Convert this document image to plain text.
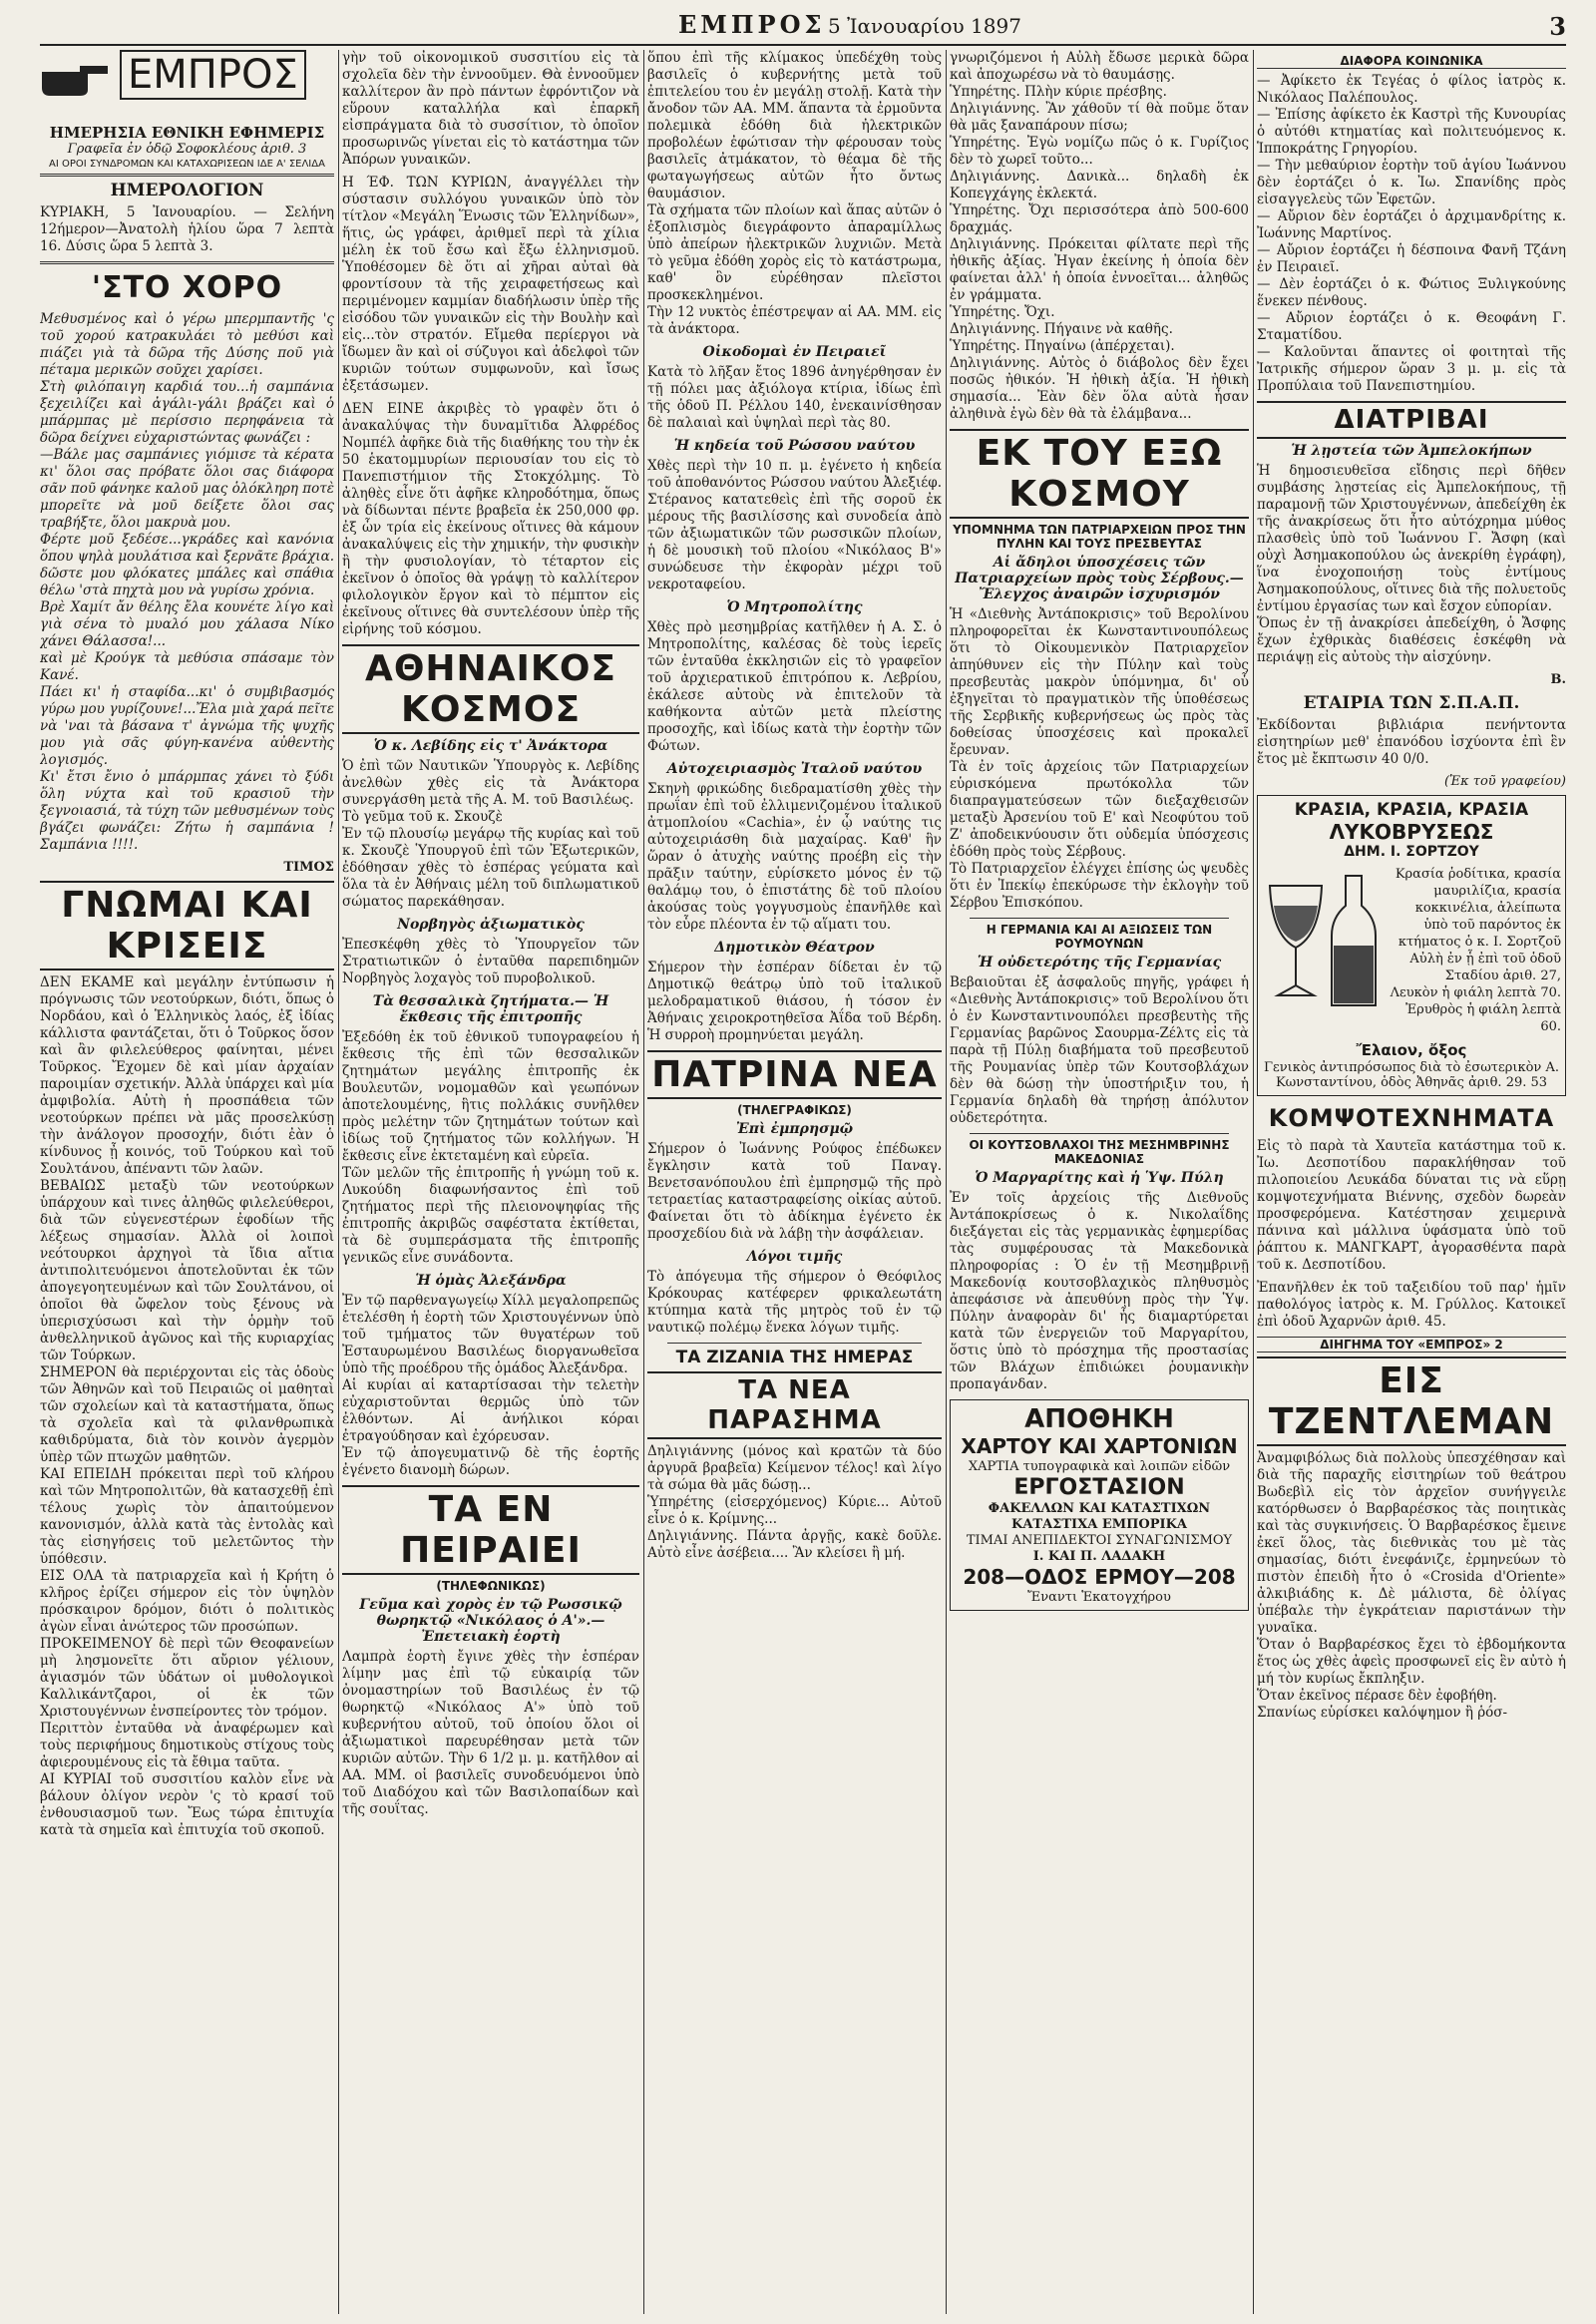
ΕΜΠΡΟΣ 5 Ἰανουαρίου 1897	3
ΕΜΠΡΟΣ

ΗΜΕΡΗΣΙΑ ΕΘΝΙΚΗ ΕΦΗΜΕΡΙΣ

Γραφεῖα ἐν ὁδῷ Σοφοκλέους ἀριθ. 3

ΑΙ ΟΡΟΙ ΣΥΝΔΡΟΜΩΝ ΚΑΙ ΚΑΤΑΧΩΡΙΣΕΩΝ ΙΔΕ Α' ΣΕΛΙΔΑ

ΗΜΕΡΟΛΟΓΙΟΝ

ΚΥΡΙΑΚΗ, 5 Ἰανουαρίου. — Σελήνη 12ήμερον—Ἀνατολὴ ἡλίου ὥρα 7 λεπτὰ 16. Δύσις ὥρα 5 λεπτὰ 3.

'ΣΤΟ ΧΟΡΟ

Μεθυσμένος καὶ ὁ γέρω μπερμπαντῆς 'ς τοῦ χορού κατρακυλάει τὸ μεθύσι καὶ πιάζει γιὰ τὰ δῶρα τῆς Δύσης ποῦ γιὰ πέταμα μερικῶν σοῦχει χαρίσει.
Στὴ φιλόπαιγη καρδιά του...ἡ σαμπάνια ξεχειλίζει καὶ ἀγάλι-γάλι βράζει καὶ ὁ μπάρμπας μὲ περίσσιο περηφάνεια τὰ δῶρα δείχνει εὐχαριστώντας φωνάζει :
—Βάλε μας σαμπάνιες γιόμισε τὰ κέρατα κι' ὅλοι σας πρόβατε ὅλοι σας διάφορα σᾶν ποῦ φάνηκε καλοῦ μας ὁλόκληρη ποτὲ μπορεῖτε νὰ μοῦ δείξετε ὅλοι σας τραβήξτε, ὅλοι μακρυὰ μου.
Φέρτε μοῦ ξεδέσε...γκράδες καὶ κανόνια ὅπου ψηλὰ μουλάτισα καὶ ξερνᾶτε βράχια. δῶστε μου φλόκατες μπάλες καὶ σπάθια θέλω 'στὰ πηχτὰ μου νὰ γυρίσω χρόνια.
Βρὲ Χαμίτ ἄν θέλης ἔλα κουνέτε λίγο καὶ γιὰ σένα τὸ μυαλό μου χάλασα Νίκο χάνει Θάλασσα!...
καὶ μὲ Κρούγκ τὰ μεθύσια σπάσαμε τὸν Κανέ.
Πάει κι' ἡ σταφίδα...κι' ὁ συμβιβασμός γύρω μου γυρίζουνε!...Ἔλα μιὰ χαρά πεῖτε νὰ 'ναι τὰ βάσανα τ' ἀγνώμα τῆς ψυχῆς μου γιὰ σᾶς φύγη-κανένα αὐθεντὴς λογισμός.
Κι' ἔτσι ἔνιο ὁ μπάρμπας χάνει τὸ ξύδι ὅλη νύχτα καὶ τοῦ κρασιοῦ τὴν ξεγνοιασιά, τὰ τύχη τῶν μεθυσμένων τοὺς βγάζει φωνάζει: Ζήτω ἡ σαμπάνια ! Σαμπάνια !!!!.

ΤΙΜΟΣ
ΓΝΩΜΑΙ ΚΑΙ ΚΡΙΣΕΙΣ

ΔΕΝ ΕΚΑΜΕ καὶ μεγάλην ἐντύπωσιν ἡ πρόγνωσις τῶν νεοτούρκων, διότι, ὅπως ὁ Νορδάου, καὶ ὁ Ἑλληνικὸς λαός, ἐξ ἰδίας κάλλιστα φαντάζεται, ὅτι ὁ Τοῦρκος ὅσον καὶ ἂν φιλελεύθερος φαίνηται, μένει Τοῦρκος. Ἔχομεν δὲ καὶ μίαν ἀρχαίαν παροιμίαν σχετικήν. Ἀλλὰ ὑπάρχει καὶ μία ἀμφιβολία. Αὐτὴ ἡ προσπάθεια τῶν νεοτούρκων πρέπει νὰ μᾶς προσελκύσῃ τὴν ἀνάλογον προσοχήν, διότι ἐὰν ὁ κίνδυνος ᾖ κοινός, τοῦ Τούρκου καὶ τοῦ Σουλτάνου, ἀπέναντι τῶν λαῶν.
ΒΕΒΑΙΩΣ μεταξὺ τῶν νεοτούρκων ὑπάρχουν καὶ τινες ἀληθῶς φιλελεύθεροι, διὰ τῶν εὐγενεστέρων ἐφοδίων τῆς λέξεως σημασίαν. Ἀλλὰ οἱ λοιποὶ νεότουρκοι ἀρχηγοὶ τὰ ἴδια αἴτια ἀντιπολιτευόμενοι ἀποτελοῦνται ἐκ τῶν ἀπογεγοητευμένων καὶ τῶν Σουλτάνου, οἱ ὁποῖοι θὰ ὤφελον τοὺς ξένους νὰ ὑπερισχύσωσι καὶ τὴν ὁρμὴν τοῦ ἀνθελληνικοῦ ἀγῶνος καὶ τῆς κυριαρχίας τῶν Τούρκων.
ΣΗΜΕΡΟΝ θὰ περιέρχονται εἰς τὰς ὁδοὺς τῶν Ἀθηνῶν καὶ τοῦ Πειραιῶς οἱ μαθηταὶ τῶν σχολείων καὶ τὰ καταστήματα, ὅπως τὰ σχολεῖα καὶ τὰ φιλανθρωπικὰ καθιδρύματα, διὰ τὸν κοινὸν ἀγερμὸν ὑπὲρ τῶν πτωχῶν μαθητῶν.
ΚΑΙ ΕΠΕΙΔΗ πρόκειται περὶ τοῦ κλήρου καὶ τῶν Μητροπολιτῶν, θὰ κατασχεθῇ ἐπὶ τέλους χωρὶς τὸν ἀπαιτούμενον κανονισμόν, ἀλλὰ κατὰ τὰς ἐντολὰς καὶ τὰς εἰσηγήσεις τοῦ μελετῶντος τὴν ὑπόθεσιν.
ΕΙΣ ΟΛΑ τὰ πατριαρχεῖα καὶ ἡ Κρήτη ὁ κλῆρος ἐρίζει σήμερον εἰς τὸν ὑψηλὸν πρόσκαιρον δρόμον, διότι ὁ πολιτικὸς ἀγὼν εἶναι ἀνώτερος τῶν προσώπων.
ΠΡΟΚΕΙΜΕΝΟΥ δὲ περὶ τῶν Θεοφανείων μὴ λησμονεῖτε ὅτι αὔριον γέλιουν, ἀγιασμόν τῶν ὑδάτων οἱ μυθολογικοὶ Καλλικάντζαροι, οἱ ἐκ τῶν Χριστουγέννων ἐνσπείροντες τὸν τρόμον.
Περιττὸν ἐνταῦθα νὰ ἀναφέρωμεν καὶ τοὺς περιφήμους δημοτικοὺς στίχους τοὺς ἀφιερουμένους εἰς τὰ ἔθιμα ταῦτα.
ΑΙ ΚΥΡΙΑΙ τοῦ συσσιτίου καλὸν εἶνε νὰ βάλουν ὀλίγον νερὸν 'ς τὸ κρασί τοῦ ἐνθουσιασμοῦ των. Ἔως τώρα ἐπιτυχία κατὰ τὰ σημεῖα καὶ ἐπιτυχία τοῦ σκοποῦ.

γὴν τοῦ οἰκονομικοῦ συσσιτίου εἰς τὰ σχολεῖα δὲν τὴν ἐννοοῦμεν. Θὰ ἐννοοῦμεν καλλίτερον ἂν πρὸ πάντων ἐφρόντιζον νὰ εὕρουν καταλλήλα καὶ ἐπαρκῆ εἰσπράγματα διὰ τὸ συσσίτιον, τὸ ὁποῖον προσωρινῶς γίνεται εἰς τὸ κατάστημα τῶν Ἀπόρων γυναικῶν.

Η ΈΦ. ΤΩΝ ΚΥΡΙΩΝ, ἀναγγέλλει τὴν σύστασιν συλλόγου γυναικῶν ὑπὸ τὸν τίτλον «Μεγάλη Ἕνωσις τῶν Ἑλληνίδων», ἥτις, ὡς γράφει, ἀριθμεῖ περὶ τὰ χίλια μέλη ἐκ τοῦ ἔσω καὶ ἔξω ἑλληνισμοῦ. Ὑποθέσομεν δὲ ὅτι αἱ χῆραι αὐταὶ θὰ φροντίσουν τὰ τῆς χειραφετήσεως καὶ περιμένομεν καμμίαν διαδήλωσιν ὑπὲρ τῆς εἰσόδου τῶν γυναικῶν εἰς τὴν Βουλὴν καὶ εἰς...τὸν στρατόν. Εἴμεθα περίεργοι νὰ ἴδωμεν ἂν καὶ οἱ σύζυγοι καὶ ἀδελφοὶ τῶν κυριῶν τούτων συμφωνοῦν, καὶ ἴσως ἐξετάσωμεν.

ΔΕΝ ΕΙΝΕ ἀκριβὲς τὸ γραφὲν ὅτι ὁ ἀνακαλύψας τὴν δυναμῖτιδα Ἀλφρέδος Νομπέλ ἀφῆκε διὰ τῆς διαθήκης του τὴν ἐκ 50 ἑκατομμυρίων περιουσίαν του εἰς τὸ Πανεπιστήμιον τῆς Στοκχόλμης. Τὸ ἀληθὲς εἶνε ὅτι ἀφῆκε κληροδότημα, ὅπως νὰ δίδωνται πέντε βραβεῖα ἐκ 250,000 φρ. ἐξ ὧν τρία εἰς ἐκείνους οἵτινες θὰ κάμουν ἀνακαλύψεις εἰς τὴν χημικήν, τὴν φυσικὴν ἢ τὴν φυσιολογίαν, τὸ τέταρτον εἰς ἐκεῖνον ὁ ὁποῖος θὰ γράψῃ τὸ καλλίτερον φιλολογικὸν ἔργον καὶ τὸ πέμπτον εἰς ἐκεῖνους οἵτινες θὰ συντελέσουν ὑπὲρ τῆς εἰρήνης τοῦ κόσμου.

ΑΘΗΝΑΙΚΟΣ ΚΟΣΜΟΣ
Ὁ κ. Λεβίδης εἰς τ' Ἀνάκτορα

Ὁ ἐπὶ τῶν Ναυτικῶν Ὑπουργὸς κ. Λεβίδης ἀνελθὼν χθὲς εἰς τὰ Ἀνάκτορα συνεργάσθη μετὰ τῆς Α. Μ. τοῦ Βασιλέως.
Τὸ γεῦμα τοῦ κ. Σκουζὲ
Ἐν τῷ πλουσίῳ μεγάρῳ τῆς κυρίας καὶ τοῦ κ. Σκουζὲ Ὑπουργοῦ ἐπὶ τῶν Ἐξωτερικῶν, ἐδόθησαν χθὲς τὸ ἑσπέρας γεύματα καὶ ὅλα τὰ ἐν Ἀθήναις μέλη τοῦ διπλωματικοῦ σώματος παρεκάθησαν.

Νορβηγὸς ἀξιωματικὸς

Ἐπεσκέφθη χθὲς τὸ Ὑπουργεῖον τῶν Στρατιωτικῶν ὁ ἐνταῦθα παρεπιδημῶν Νορβηγὸς λοχαγὸς τοῦ πυροβολικοῦ.

Τὰ θεσσαλικὰ ζητήματα.— Ἡ ἔκθεσις τῆς ἐπιτροπῆς

Ἐξεδόθη ἐκ τοῦ ἐθνικοῦ τυπογραφείου ἡ ἔκθεσις τῆς ἐπὶ τῶν θεσσαλικῶν ζητημάτων μεγάλης ἐπιτροπῆς ἐκ Βουλευτῶν, νομομαθῶν καὶ γεωπόνων ἀποτελουμένης, ἣτις πολλάκις συνῆλθεν πρὸς μελέτην τῶν ζητημάτων τούτων καὶ ἰδίως τοῦ ζητήματος τῶν κολλήγων. Ἡ ἔκθεσις εἶνε ἐκτεταμένη καὶ εὐρεῖα.
Τῶν μελῶν τῆς ἐπιτροπῆς ἡ γνώμη τοῦ κ. Λυκούδη διαφωνήσαντος ἐπὶ τοῦ ζητήματος περὶ τῆς πλειονοψηφίας τῆς ἐπιτροπῆς ἀκριβῶς σαφέστατα ἐκτίθεται, τὰ δὲ συμπεράσματα τῆς ἐπιτροπῆς γενικῶς εἶνε συνάδοντα.

Ἡ ὁμὰς Ἀλεξάνδρα

Ἐν τῷ παρθεναγωγείῳ Χίλλ μεγαλοπρεπῶς ἑτελέσθη ἡ ἑορτὴ τῶν Χριστουγέννων ὑπὸ τοῦ τμήματος τῶν θυγατέρων τοῦ Ἐσταυρωμένου Βασιλέως διοργανωθεῖσα ὑπὸ τῆς προέδρου τῆς ὁμάδος Ἀλεξάνδρα.
Αἱ κυρίαι αἱ καταρτίσασαι τὴν τελετὴν εὐχαριστοῦνται θερμῶς ὑπὸ τῶν ἐλθόντων. Αἱ ἀνήλικοι κόραι ἐτραγούδησαν καὶ ἐχόρευσαν.
Ἐν τῷ ἀπογευματινῷ δὲ τῆς ἑορτῆς ἐγένετο διανομὴ δώρων.

ΤΑ ΕΝ ΠΕΙΡΑΙΕΙ
(ΤΗΛΕΦΩΝΙΚΩΣ)
Γεῦμα καὶ χορὸς ἐν τῷ Ρωσσικῷ θωρηκτῷ «Νικόλαος ὁ Α'».— Ἐπετειακὴ ἑορτὴ

Λαμπρὰ ἑορτὴ ἔγινε χθὲς τὴν ἑσπέραν λίμην μας ἐπὶ τῷ εὐκαιρίᾳ τῶν ὀνομαστηρίων τοῦ Βασιλέως ἐν τῷ θωρηκτῷ «Νικόλαος Α'» ὑπὸ τοῦ κυβερνήτου αὐτοῦ, τοῦ ὁποίου ὅλοι οἱ ἀξιωματικοὶ παρευρέθησαν μετὰ τῶν κυριῶν αὐτῶν. Τὴν 6 1/2 μ. μ. κατῆλθον αἱ ΑΑ. ΜΜ. οἱ βασιλεῖς συνοδευόμενοι ὑπὸ τοῦ Διαδόχου καὶ τῶν Βασιλοπαίδων καὶ τῆς σουΐτας.

ὅπου ἐπὶ τῆς κλίμακος ὑπεδέχθη τοὺς βασιλεῖς ὁ κυβερνήτης μετὰ τοῦ ἐπιτελείου του ἐν μεγάλῃ στολῇ. Κατὰ τὴν ἄνοδον τῶν ΑΑ. ΜΜ. ἅπαντα τὰ ἐρμοῦντα πολεμικὰ ἐδόθη διὰ ἠλεκτρικῶν προβολέων ἐφώτισαν τὴν φέρουσαν τοὺς βασιλεῖς ἀτμάκατον, τὸ θέαμα δὲ τῆς φωταγωγήσεως αὐτῶν ἦτο ὄντως θαυμάσιον.
Τὰ σχήματα τῶν πλοίων καὶ ἅπας αὐτῶν ὁ ἐξοπλισμὸς διεγράφοντο ἀπαραμίλλως ὑπὸ ἀπείρων ἠλεκτρικῶν λυχνιῶν. Μετὰ τὸ γεῦμα ἐδόθη χορὸς εἰς τὸ κατάστρωμα, καθ' ὃν εὑρέθησαν πλεῖστοι προσκεκλημένοι.
Τὴν 12 νυκτὸς ἐπέστρεψαν αἱ ΑΑ. ΜΜ. εἰς τὰ ἀνάκτορα.

Οἰκοδομαὶ ἐν Πειραιεῖ

Κατὰ τὸ λῆξαν ἔτος 1896 ἀνηγέρθησαν ἐν τῇ πόλει μας ἀξιόλογα κτίρια, ἰδίως ἐπὶ τῆς ὁδοῦ Π. Ρέλλου 140, ἐνεκαινίσθησαν δὲ παλαιαὶ καὶ ὑψηλαὶ περὶ τὰς 80.

Ἡ κηδεία τοῦ Ρώσσου ναύτου

Χθὲς περὶ τὴν 10 π. μ. ἐγένετο ἡ κηδεία τοῦ ἀποθανόντος Ρώσσου ναύτου Ἀλεξιέφ. Στέρανος κατατεθεὶς ἐπὶ τῆς σοροῦ ἐκ μέρους τῆς βασιλίσσης καὶ συνοδεία ἀπὸ τῶν ἀξιωματικῶν τῶν ρωσσικῶν πλοίων, ἡ δὲ μουσικὴ τοῦ πλοίου «Νικόλαος Β'» συνώδευσε τὴν ἐκφορὰν μέχρι τοῦ νεκροταφείου.

Ὁ Μητροπολίτης

Χθὲς πρὸ μεσημβρίας κατῆλθεν ἡ Α. Σ. ὁ Μητροπολίτης, καλέσας δὲ τοὺς ἱερεῖς τῶν ἐνταῦθα ἐκκλησιῶν εἰς τὸ γραφεῖον τοῦ ἀρχιερατικοῦ ἐπιτρόπου κ. Λεβρίου, ἐκάλεσε αὐτοὺς νὰ ἐπιτελοῦν τὰ καθήκοντα αὐτῶν μετὰ πλείστης προσοχῆς, καὶ ἰδίως κατὰ τὴν ἑορτὴν τῶν Φώτων.

Αὐτοχειριασμὸς Ἰταλοῦ ναύτου

Σκηνὴ φρικώδης διεδραματίσθη χθὲς τὴν πρωΐαν ἐπὶ τοῦ ἐλλιμενιζομένου ἰταλικοῦ ἀτμοπλοίου «Cachia», ἐν ᾧ ναύτης τις αὐτοχειριάσθη διὰ μαχαίρας. Καθ' ἣν ὥραν ὁ ἀτυχὴς ναύτης προέβη εἰς τὴν πρᾶξιν ταύτην, εὑρίσκετο μόνος ἐν τῷ θαλάμῳ του, ὁ ἐπιστάτης δὲ τοῦ πλοίου ἀκούσας τοὺς γογγυσμοὺς ἐπανῆλθε καὶ τὸν εὗρε πλέοντα ἐν τῷ αἵματι του.

Δημοτικὸν Θέατρον

Σήμερον τὴν ἑσπέραν δίδεται ἐν τῷ Δημοτικῷ θεάτρῳ ὑπὸ τοῦ ἰταλικοῦ μελοδραματικοῦ θιάσου, ἡ τόσον ἐν Ἀθήναις χειροκροτηθεῖσα Ἀΐδα τοῦ Βέρδη. Ἡ συρροὴ προμηνύεται μεγάλη.

ΠΑΤΡΙΝΑ ΝΕΑ
(ΤΗΛΕΓΡΑΦΙΚΩΣ)
Ἐπὶ ἐμπρησμῷ

Σήμερον ὁ Ἰωάννης Ρούφος ἐπέδωκεν ἔγκλησιν κατὰ τοῦ Παναγ. Βενετσανόπουλου ἐπὶ ἐμπρησμῷ τῆς πρὸ τετραετίας καταστραφείσης οἰκίας αὐτοῦ. Φαίνεται ὅτι τὸ ἀδίκημα ἐγένετο ἐκ προσχεδίου διὰ νὰ λάβῃ τὴν ἀσφάλειαν.

Λόγοι τιμῆς

Τὸ ἀπόγευμα τῆς σήμερον ὁ Θεόφιλος Κρόκουρας κατέφερεν φρικαλεωτάτη κτύπημα κατὰ τῆς μητρὸς τοῦ ἐν τῷ ναυτικῷ πολέμῳ ἕνεκα λόγων τιμῆς.

ΤΑ ΖΙΖΑΝΙΑ ΤΗΣ ΗΜΕΡΑΣ
ΤΑ ΝΕΑ ΠΑΡΑΣΗΜΑ

Δηλιγιάννης (μόνος καὶ κρατῶν τὰ δύο ἀργυρᾶ βραβεῖα) Κείμενον τέλος! καὶ λίγο τὰ σώμα θὰ μᾶς δώσῃ...
Ὑπηρέτης (εἰσερχόμενος) Κύριε... Αὐτοῦ εἶνε ὁ κ. Κρίμνης...
Δηλιγιάννης. Πάντα ἀργῇς, κακὲ δοῦλε. Αὐτὸ εἶνε ἀσέβεια.... Ἂν κλείσει ἢ μή.

γνωριζόμενοι ἡ Αὐλὴ ἔδωσε μερικὰ δῶρα καὶ ἀποχωρέσω νὰ τὸ θαυμάσῃς.
Ὑπηρέτης. Πλὴν κύριε πρέσβης.
Δηλιγιάννης. Ἂν χάθοῦν τί θὰ ποῦμε ὅταν θὰ μᾶς ξαναπάρουν πίσω;
Ὑπηρέτης. Ἐγὼ νομίζω πῶς ὁ κ. Γυρίζιος δὲν τὸ χωρεῖ τοῦτο...
Δηλιγιάννης. Δανικὰ... δηλαδὴ ἐκ Κοπεγχάγης ἐκλεκτά.
Ὑπηρέτης. Ὄχι περισσότερα ἀπὸ 500-600 δραχμάς.
Δηλιγιάννης. Πρόκειται φίλτατε περὶ τῆς ἠθικῆς ἀξίας. Ἠγαν ἐκείνης ἡ ὁποία δὲν φαίνεται ἀλλ' ἡ ὁποία ἐννοεῖται... ἀληθῶς ἐν γράμματα.
Ὑπηρέτης. Ὄχι.
Δηλιγιάννης. Πήγαινε νὰ καθῆς.
Ὑπηρέτης. Πηγαίνω (ἀπέρχεται).
Δηλιγιάννης. Αὐτὸς ὁ διάβολος δὲν ἔχει ποσῶς ἠθικόν. Ἡ ἠθικὴ ἀξία. Ἡ ἠθικὴ σημασία... Ἐὰν δὲν ὅλα αὐτὰ ἦσαν ἀληθινὰ ἐγὼ δὲν θὰ τὰ ἐλάμβανα...

ΕΚ ΤΟΥ ΕΞΩ ΚΟΣΜΟΥ
ΥΠΟΜΝΗΜΑ ΤΩΝ ΠΑΤΡΙΑΡΧΕΙΩΝ ΠΡΟΣ ΤΗΝ ΠΥΛΗΝ ΚΑΙ ΤΟΥΣ ΠΡΕΣΒΕΥΤΑΣ
Αἱ ἄδηλοι ὑποσχέσεις τῶν Πατριαρχείων πρὸς τοὺς Σέρβους.—Ἔλεγχος ἀναιρῶν ἰσχυρισμόν

Ἡ «Διεθνὴς Ἀντάποκρισις» τοῦ Βερολίνου πληροφορεῖται ἐκ Κωνσταντινουπόλεως ὅτι τὸ Οἰκουμενικὸν Πατριαρχεῖον ἀπηύθυνεν εἰς τὴν Πύλην καὶ τοὺς πρεσβευτὰς μακρὸν ὑπόμνημα, δι' οὗ ἐξηγεῖται τὸ πραγματικὸν τῆς ὑποθέσεως τῆς Σερβικῆς κυβερνήσεως ὡς πρὸς τὰς δοθείσας ὑποσχέσεις καὶ προκαλεῖ ἔρευναν.
Τὰ ἐν τοῖς ἀρχείοις τῶν Πατριαρχείων εὑρισκόμενα πρωτόκολλα τῶν διαπραγματεύσεων τῶν διεξαχθεισῶν μεταξὺ Ἀρσενίου τοῦ Ε' καὶ Νεοφύτου τοῦ Ζ' ἀποδεικνύουσιν ὅτι οὐδεμία ὑπόσχεσις ἐδόθη πρὸς τοὺς Σέρβους.
Τὸ Πατριαρχεῖον ἐλέγχει ἐπίσης ὡς ψευδὲς ὅτι ἐν Ἰπεκίῳ ἐπεκύρωσε τὴν ἐκλογὴν τοῦ Σέρβου Ἐπισκόπου.

Η ΓΕΡΜΑΝΙΑ ΚΑΙ ΑΙ ΑΞΙΩΣΕΙΣ ΤΩΝ ΡΟΥΜΟΥΝΩΝ
Ἡ οὐδετερότης τῆς Γερμανίας

Βεβαιοῦται ἐξ ἀσφαλοῦς πηγῆς, γράφει ἡ «Διεθνὴς Ἀντάποκρισις» τοῦ Βερολίνου ὅτι ὁ ἐν Κωνσταντινουπόλει πρεσβευτὴς τῆς Γερμανίας βαρῶνος Σαουρμα-Ζέλτς εἰς τὰ παρὰ τῇ Πύλῃ διαβήματα τοῦ πρεσβευτοῦ τῆς Ρουμανίας ὑπὲρ τῶν Κουτσοβλάχων δὲν θὰ δώσῃ τὴν ὑποστήριξιν του, ἡ Γερμανία δηλαδὴ θὰ τηρήσῃ ἀπόλυτον οὐδετερότητα.

ΟΙ ΚΟΥΤΣΟΒΛΑΧΟΙ ΤΗΣ ΜΕΣΗΜΒΡΙΝΗΣ ΜΑΚΕΔΟΝΙΑΣ
Ὁ Μαργαρίτης καὶ ἡ Ὑψ. Πύλη

Ἐν τοῖς ἀρχείοις τῆς Διεθνοῦς Ἀντάποκρίσεως ὁ κ. Νικολαΐδης διεξάγεται εἰς τὰς γερμανικὰς ἐφημερίδας τὰς συμφέρουσας τὰ Μακεδονικὰ πληροφορίας : Ὁ ἐν τῇ Μεσημβρινῇ Μακεδονίᾳ κουτσοβλαχικὸς πληθυσμὸς ἀπεφάσισε νὰ ἀπευθύνῃ πρὸς τὴν Ὑψ. Πύλην ἀναφορὰν δι' ἧς διαμαρτύρεται κατὰ τῶν ἐνεργειῶν τοῦ Μαργαρίτου, ὅστις ὑπὸ τὸ πρόσχημα τῆς προστασίας τῶν Βλάχων ἐπιδιώκει ῥουμανικὴν προπαγάνδαν.

ΑΠΟΘΗΚΗ
ΧΑΡΤΟΥ ΚΑΙ ΧΑΡΤΟΝΙΩΝ
ΧΑΡΤΙΑ τυπογραφικὰ καὶ λοιπῶν εἰδῶν
ΕΡΓΟΣΤΑΣΙΟΝ
ΦΑΚΕΛΛΩΝ ΚΑΙ ΚΑΤΑΣΤΙΧΩΝ
ΚΑΤΑΣΤΙΧΑ ΕΜΠΟΡΙΚΑ
ΤΙΜΑΙ ΑΝΕΠΙΔΕΚΤΟΙ ΣΥΝΑΓΩΝΙΣΜΟΥ
Ι. ΚΑΙ Π. ΛΑΔΑΚΗ
208—ΟΔΟΣ ΕΡΜΟΥ—208
Ἔναντι Ἑκατογχήρου
ΔΙΑΦΟΡΑ ΚΟΙΝΩΝΙΚΑ

— Ἀφίκετο ἐκ Τεγέας ὁ φίλος ἰατρὸς κ. Νικόλαος Παλέπουλος.
— Ἐπίσης ἀφίκετο ἐκ Καστρὶ τῆς Κυνουρίας ὁ αὐτόθι κτηματίας καὶ πολιτευόμενος κ. Ἱπποκράτης Γρηγορίου.
— Τὴν μεθαύριον ἑορτὴν τοῦ ἁγίου Ἰωάννου δὲν ἑορτάζει ὁ κ. Ἰω. Σπανίδης πρὸς εἰσαγγελεὺς τῶν Ἐφετῶν.
— Αὔριον δὲν ἑορτάζει ὁ ἀρχιμανδρίτης κ. Ἰωάννης Μαρτίνος.
— Αὔριον ἑορτάζει ἡ δέσποινα Φανῆ Τζάνη ἐν Πειραιεῖ.
— Δὲν ἑορτάζει ὁ κ. Φώτιος Ξυλιγκούνης ἕνεκεν πένθους.
— Αὔριον ἑορτάζει ὁ κ. Θεοφάνη Γ. Σταματίδου.
— Καλοῦνται ἅπαντες οἱ φοιτηταὶ τῆς Ἰατρικῆς σήμερον ὥραν 3 μ. μ. εἰς τὰ Προπύλαια τοῦ Πανεπιστημίου.

ΔΙΑΤΡΙΒΑΙ
Ἡ λῃστεία τῶν Ἀμπελοκήπων

Ἡ δημοσιευθεῖσα εἴδησις περὶ δῆθεν συμβάσης λῃστείας εἰς Ἀμπελοκήπους, τῇ παραμονῇ τῶν Χριστουγέννων, ἀπεδείχθη ἐκ τῆς ἀνακρίσεως ὅτι ἦτο αὐτόχρημα μύθος πλασθεὶς ὑπὸ τοῦ Ἰωάννου Γ. Ἄσφη (καὶ οὐχὶ Ἀσημακοπούλου ὡς ἀνεκρίθη ἐγράφη), ἵνα ἐνοχοποιήσῃ τοὺς ἐντίμους Ἀσημακοπούλους, οἵτινες διὰ τῆς πολυετοῦς ἐντίμου ἐργασίας των καὶ ἔσχον εὐπορίαν.
Ὅπως ἐν τῇ ἀνακρίσει ἀπεδείχθη, ὁ Ἄσφης ἔχων ἐχθρικὰς διαθέσεις ἐσκέφθη νὰ περιάψῃ εἰς αὐτοὺς τὴν αἰσχύνην.

Β.
ΕΤΑΙΡΙΑ ΤΩΝ Σ.Π.Α.Π.

Ἐκδίδονται βιβλιάρια πενήντοντα εἰσητηρίων μεθ' ἐπανόδου ἰσχύοντα ἐπὶ ἓν ἔτος μὲ ἔκπτωσιν 40 0/0.

(Ἐκ τοῦ γραφείου)
ΚΡΑΣΙΑ, ΚΡΑΣΙΑ, ΚΡΑΣΙΑ
ΛΥΚΟΒΡΥΣΕΩΣ
ΔΗΜ. Ι. ΣΟΡΤΖΟΥ
Κρασία ῥοδίτικα, κρασία μαυριλίζια, κρασία κοκκινέλια, ἀλείπωτα ὑπὸ τοῦ παρόντος ἐκ κτήματος ὁ κ. Ι. Σορτζοῦ
Αὐλὴ ἐν ᾗ ἐπὶ τοῦ ὁδοῦ Σταδίου ἀριθ. 27,
Λευκὸν ἡ φιάλη λεπτὰ 70.
Ἐρυθρὸς ἡ φιάλη λεπτὰ 60.
Ἔλαιον, ὄξος
Γενικὸς ἀντιπρόσωπος διὰ τὸ ἐσωτερικὸν Α. Κωνσταντίνου, ὁδὸς Ἀθηνᾶς ἀριθ. 29. 53
ΚΟΜΨΟΤΕΧΝΗΜΑΤΑ

Εἰς τὸ παρὰ τὰ Χαυτεῖα κατάστημα τοῦ κ. Ἰω. Δεσποτίδου παρακλήθησαν τοῦ πιλοποιείου Λευκάδα δύναται τις νὰ εὕρῃ κομψοτεχνήματα Βιέννης, σχεδὸν δωρεὰν προσφερόμενα. Κατέστησαν χειμερινὰ πάνινα καὶ μάλλινα ὑφάσματα ὑπὸ τοῦ ῥάπτου κ. ΜΑΝΓΚΑΡΤ, ἀγορασθέντα παρὰ τοῦ κ. Δεσποτίδου.

Ἐπανῆλθεν ἐκ τοῦ ταξειδίου τοῦ παρ' ἡμῖν παθολόγος ἰατρὸς κ. Μ. Γρύλλος. Κατοικεῖ ἐπὶ ὁδοῦ Ἀχαρνῶν ἀριθ. 45.

ΔΙΗΓΗΜΑ ΤΟΥ «ΕΜΠΡΟΣ» 2
ΕΙΣ ΤΖΕΝΤΛΕΜΑΝ

Ἀναμφιβόλως διὰ πολλοὺς ὑπεσχέθησαν καὶ διὰ τῆς παραχῆς εἰσιτηρίων τοῦ θεάτρου Βωδεβὶλ εἰς τὸν ἀρχεῖον συνήγγειλε κατόρθωσεν ὁ Βαρβαρέσκος τὰς ποιητικὰς καὶ τὰς συγκινήσεις. Ὁ Βαρβαρέσκος ἔμεινε ἐκεῖ ὅλος, τὰς διεθνικὰς του μὲ τὰς σημασίας, διότι ἐνεφάνιζε, ἐρμηνεύων τὸ πιστὸν ἐπειδὴ ἦτο ὁ «Crosida d'Oriente» ἀλκιβιάδης κ. Δὲ μάλιστα, δὲ ὀλίγας ὑπέβαλε τὴν ἐγκράτειαν παριστάνων τὴν γυναῖκα.
Ὅταν ὁ Βαρβαρέσκος ἔχει τὸ ἐβδομήκοντα ἔτος ὡς χθὲς ἀφεὶς προσφωνεῖ εἰς ἓν αὐτὸ ἡ μή τὸν κυρίως ἔκπληξιν.
Ὅταν ἐκεῖνος πέρασε δὲν ἐφοβήθη.
Σπανίως εὑρίσκει καλόψημον ἢ ῥόσ-
